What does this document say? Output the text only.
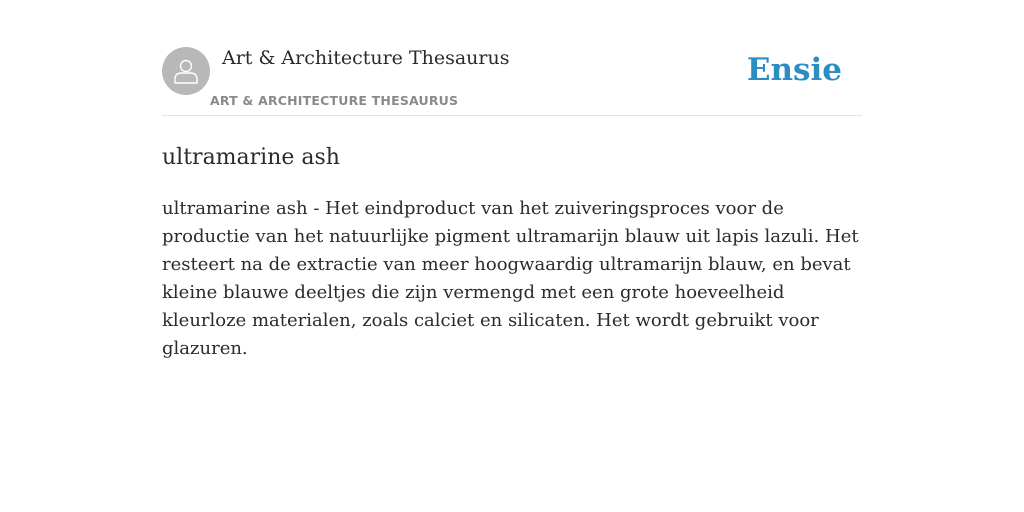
Art & Architecture Thesaurus
ART & ARCHITECTURE THESAURUS
Ensie
ultramarine ash

ultramarine ash - Het eindproduct van het zuiveringsproces voor de productie van het natuurlijke pigment ultramarijn blauw uit lapis lazuli. Het resteert na de extractie van meer hoogwaardig ultramarijn blauw, en bevat kleine blauwe deeltjes die zijn vermengd met een grote hoeveelheid kleurloze materialen, zoals calciet en silicaten. Het wordt gebruikt voor glazuren.
